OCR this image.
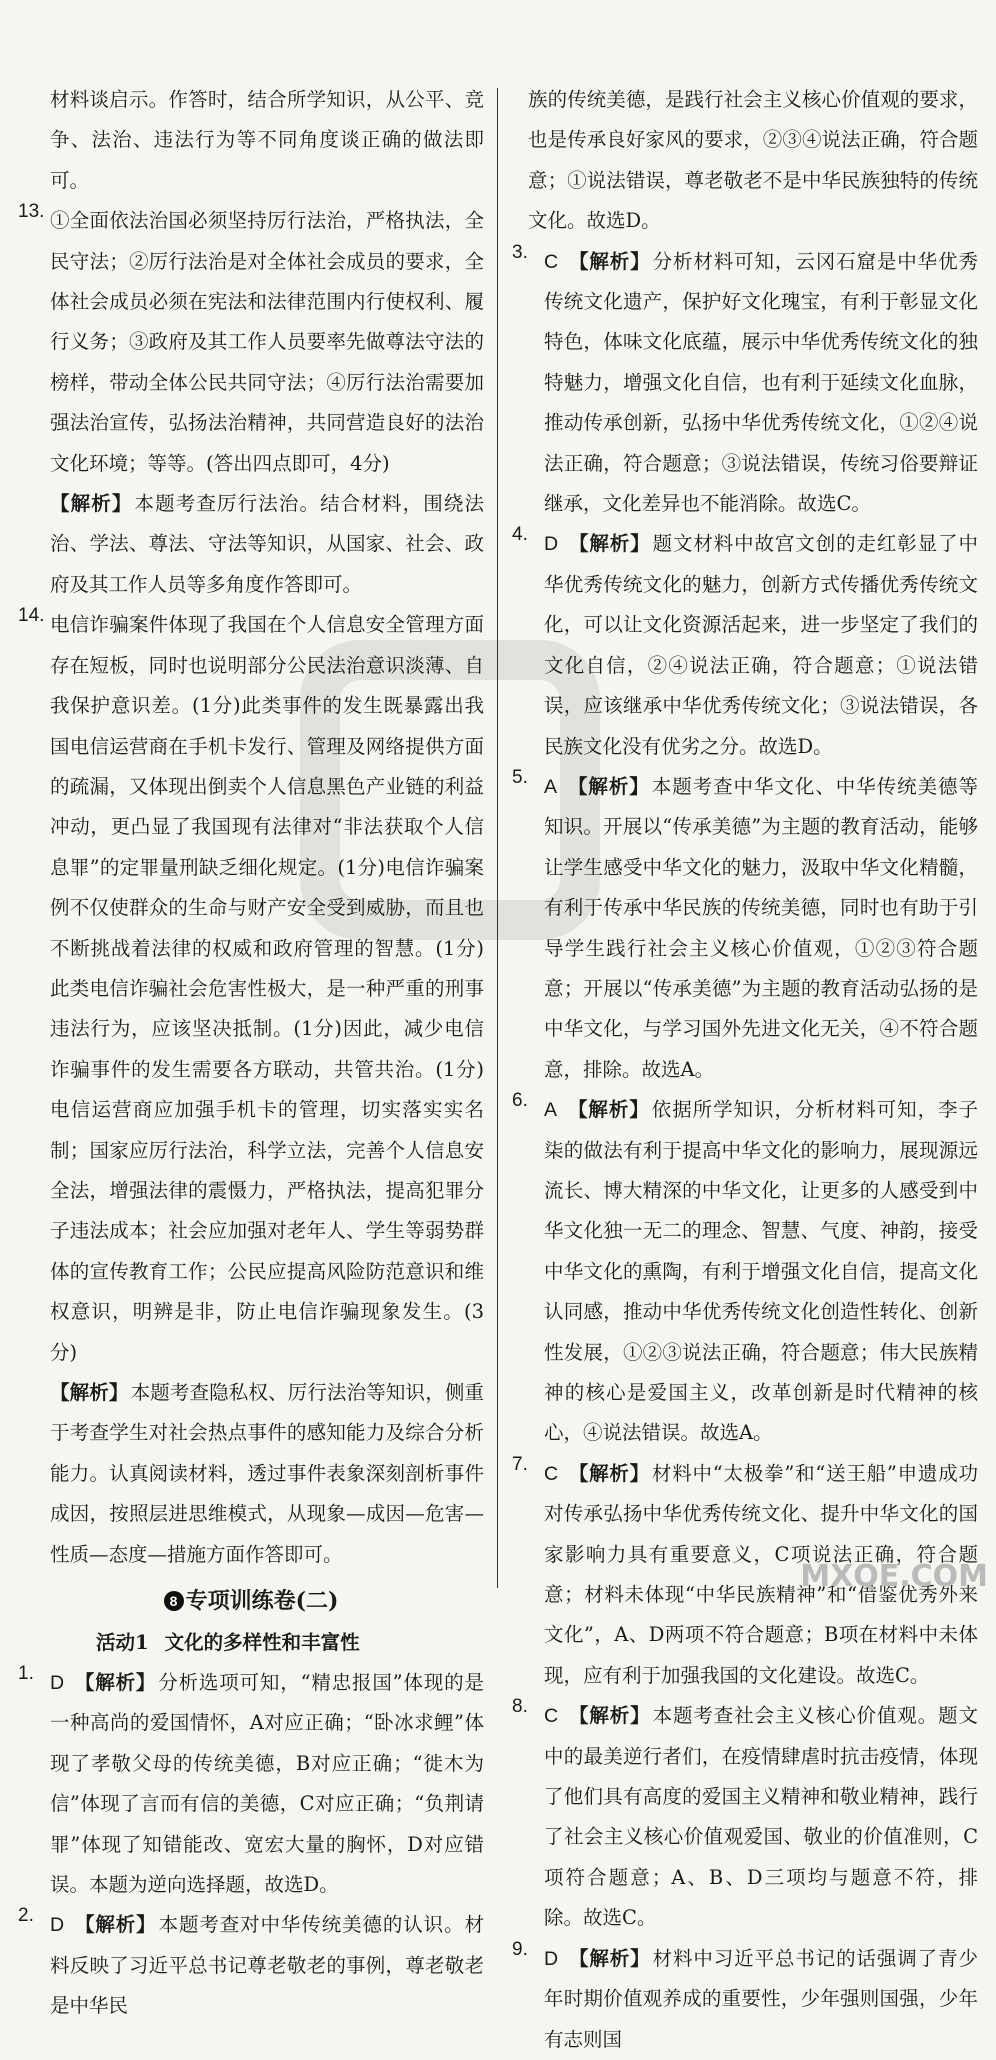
材料谈启示。作答时，结合所学知识，从公平、竞争、法治、违法行为等不同角度谈正确的做法即可。

13. ①全面依法治国必须坚持厉行法治，严格执法，全民守法；②厉行法治是对全体社会成员的要求，全体社会成员必须在宪法和法律范围内行使权利、履行义务；③政府及其工作人员要率先做尊法守法的榜样，带动全体公民共同守法；④厉行法治需要加强法治宣传，弘扬法治精神，共同营造良好的法治文化环境；等等。(答出四点即可，4分)

【解析】 本题考查厉行法治。结合材料，围绕法治、学法、尊法、守法等知识，从国家、社会、政府及其工作人员等多角度作答即可。

14. 电信诈骗案件体现了我国在个人信息安全管理方面存在短板，同时也说明部分公民法治意识淡薄、自我保护意识差。(1分)此类事件的发生既暴露出我国电信运营商在手机卡发行、管理及网络提供方面的疏漏，又体现出倒卖个人信息黑色产业链的利益冲动，更凸显了我国现有法律对“非法获取个人信息罪”的定罪量刑缺乏细化规定。(1分)电信诈骗案例不仅使群众的生命与财产安全受到威胁，而且也不断挑战着法律的权威和政府管理的智慧。(1分)此类电信诈骗社会危害性极大，是一种严重的刑事违法行为，应该坚决抵制。(1分)因此，减少电信诈骗事件的发生需要各方联动，共管共治。(1分)电信运营商应加强手机卡的管理，切实落实实名制；国家应厉行法治，科学立法，完善个人信息安全法，增强法律的震慑力，严格执法，提高犯罪分子违法成本；社会应加强对老年人、学生等弱势群体的宣传教育工作；公民应提高风险防范意识和维权意识，明辨是非，防止电信诈骗现象发生。(3分)

【解析】 本题考查隐私权、厉行法治等知识，侧重于考查学生对社会热点事件的感知能力及综合分析能力。认真阅读材料，透过事件表象深刻剖析事件成因，按照层进思维模式，从现象—成因—危害—性质—态度—措施方面作答即可。

8 专项训练卷(二)
活动1 文化的多样性和丰富性
1. D 【解析】 分析选项可知，“精忠报国”体现的是一种高尚的爱国情怀，A对应正确；“卧冰求鲤”体现了孝敬父母的传统美德，B对应正确；“徙木为信”体现了言而有信的美德，C对应正确；“负荆请罪”体现了知错能改、宽宏大量的胸怀，D对应错误。本题为逆向选择题，故选D。

2. D 【解析】 本题考查对中华传统美德的认识。材料反映了习近平总书记尊老敬老的事例，尊老敬老是中华民

族的传统美德，是践行社会主义核心价值观的要求，也是传承良好家风的要求，②③④说法正确，符合题意；①说法错误，尊老敬老不是中华民族独特的传统文化。故选D。

3. C 【解析】 分析材料可知，云冈石窟是中华优秀传统文化遗产，保护好文化瑰宝，有利于彰显文化特色，体味文化底蕴，展示中华优秀传统文化的独特魅力，增强文化自信，也有利于延续文化血脉，推动传承创新，弘扬中华优秀传统文化，①②④说法正确，符合题意；③说法错误，传统习俗要辩证继承，文化差异也不能消除。故选C。

4. D 【解析】 题文材料中故宫文创的走红彰显了中华优秀传统文化的魅力，创新方式传播优秀传统文化，可以让文化资源活起来，进一步坚定了我们的文化自信，②④说法正确，符合题意；①说法错误，应该继承中华优秀传统文化；③说法错误，各民族文化没有优劣之分。故选D。

5. A 【解析】 本题考查中华文化、中华传统美德等知识。开展以“传承美德”为主题的教育活动，能够让学生感受中华文化的魅力，汲取中华文化精髓，有利于传承中华民族的传统美德，同时也有助于引导学生践行社会主义核心价值观，①②③符合题意；开展以“传承美德”为主题的教育活动弘扬的是中华文化，与学习国外先进文化无关，④不符合题意，排除。故选A。

6. A 【解析】 依据所学知识，分析材料可知，李子柒的做法有利于提高中华文化的影响力，展现源远流长、博大精深的中华文化，让更多的人感受到中华文化独一无二的理念、智慧、气度、神韵，接受中华文化的熏陶，有利于增强文化自信，提高文化认同感，推动中华优秀传统文化创造性转化、创新性发展，①②③说法正确，符合题意；伟大民族精神的核心是爱国主义，改革创新是时代精神的核心，④说法错误。故选A。

7. C 【解析】 材料中“太极拳”和“送王船”申遗成功对传承弘扬中华优秀传统文化、提升中华文化的国家影响力具有重要意义，C项说法正确，符合题意；材料未体现“中华民族精神”和“借鉴优秀外来文化”，A、D两项不符合题意；B项在材料中未体现，应有利于加强我国的文化建设。故选C。

8. C 【解析】 本题考查社会主义核心价值观。题文中的最美逆行者们，在疫情肆虐时抗击疫情，体现了他们具有高度的爱国主义精神和敬业精神，践行了社会主义核心价值观爱国、敬业的价值准则，C项符合题意；A、B、D三项均与题意不符，排除。故选C。

9. D 【解析】 材料中习近平总书记的话强调了青少年时期价值观养成的重要性，少年强则国强，少年有志则国

MXQE.COM
